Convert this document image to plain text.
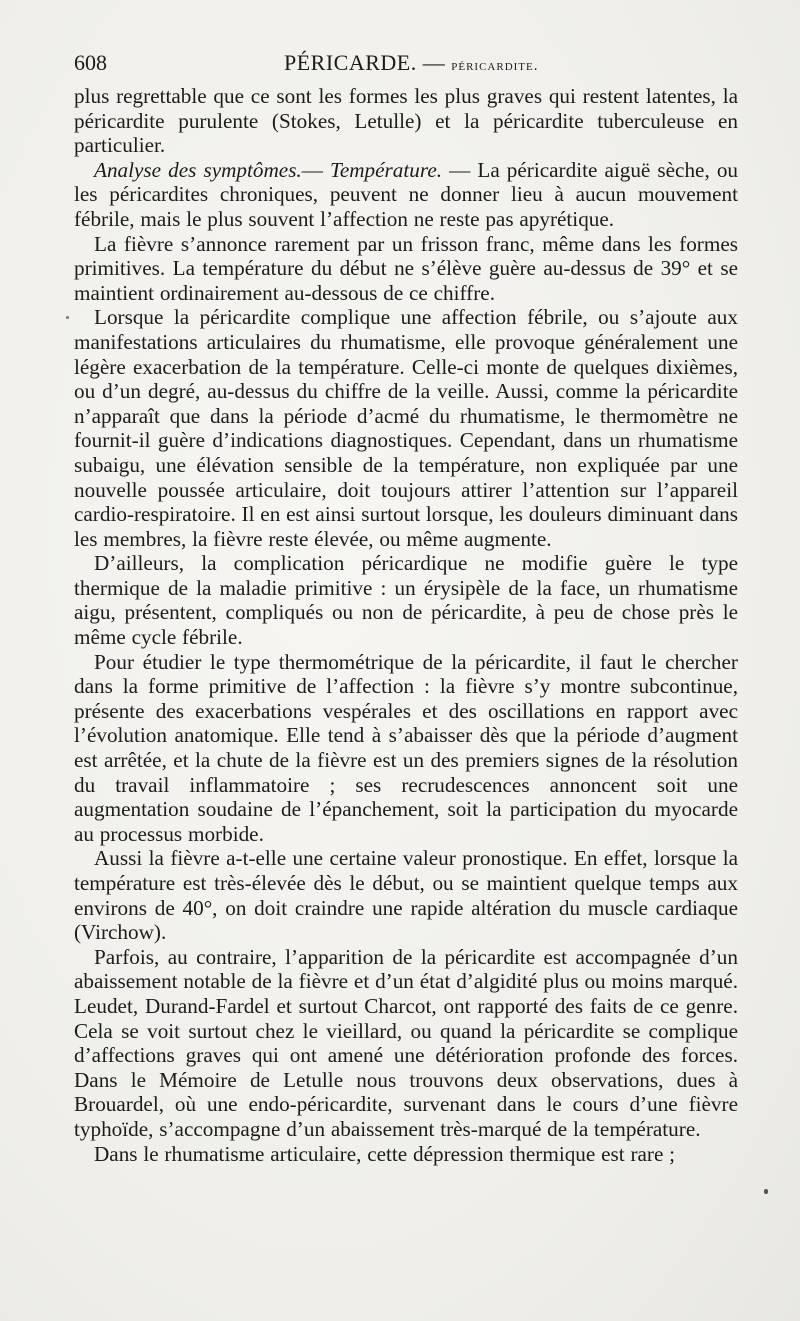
608	PÉRICARDE. — péricardite.

plus regrettable que ce sont les formes les plus graves qui restent latentes, la péricardite purulente (Stokes, Letulle) et la péricardite tuberculeuse en particulier.

Analyse des symptômes.— Température. — La péricardite aiguë sèche, ou les péricardites chroniques, peuvent ne donner lieu à aucun mouvement fébrile, mais le plus souvent l’affection ne reste pas apyrétique.

La fièvre s’annonce rarement par un frisson franc, même dans les formes primitives. La température du début ne s’élève guère au-dessus de 39° et se maintient ordinairement au-dessous de ce chiffre.

Lorsque la péricardite complique une affection fébrile, ou s’ajoute aux manifestations articulaires du rhumatisme, elle provoque généralement une légère exacerbation de la température. Celle-ci monte de quelques dixièmes, ou d’un degré, au-dessus du chiffre de la veille. Aussi, comme la péricardite n’apparaît que dans la période d’acmé du rhumatisme, le thermomètre ne fournit-il guère d’indications diagnostiques. Cependant, dans un rhumatisme subaigu, une élévation sensible de la température, non expliquée par une nouvelle poussée articulaire, doit toujours attirer l’attention sur l’appareil cardio-respiratoire. Il en est ainsi surtout lorsque, les douleurs diminuant dans les membres, la fièvre reste élevée, ou même augmente.

D’ailleurs, la complication péricardique ne modifie guère le type thermique de la maladie primitive : un érysipèle de la face, un rhumatisme aigu, présentent, compliqués ou non de péricardite, à peu de chose près le même cycle fébrile.

Pour étudier le type thermométrique de la péricardite, il faut le chercher dans la forme primitive de l’affection : la fièvre s’y montre subcontinue, présente des exacerbations vespérales et des oscillations en rapport avec l’évolution anatomique. Elle tend à s’abaisser dès que la période d’augment est arrêtée, et la chute de la fièvre est un des premiers signes de la résolution du travail inflammatoire ; ses recrudescences annoncent soit une augmentation soudaine de l’épanchement, soit la participation du myocarde au processus morbide.

Aussi la fièvre a-t-elle une certaine valeur pronostique. En effet, lorsque la température est très-élevée dès le début, ou se maintient quelque temps aux environs de 40°, on doit craindre une rapide altération du muscle cardiaque (Virchow).

Parfois, au contraire, l’apparition de la péricardite est accompagnée d’un abaissement notable de la fièvre et d’un état d’algidité plus ou moins marqué. Leudet, Durand-Fardel et surtout Charcot, ont rapporté des faits de ce genre. Cela se voit surtout chez le vieillard, ou quand la péricardite se complique d’affections graves qui ont amené une détérioration profonde des forces. Dans le Mémoire de Letulle nous trouvons deux observations, dues à Brouardel, où une endo-péricardite, survenant dans le cours d’une fièvre typhoïde, s’accompagne d’un abaissement très-marqué de la température.

Dans le rhumatisme articulaire, cette dépression thermique est rare ;
